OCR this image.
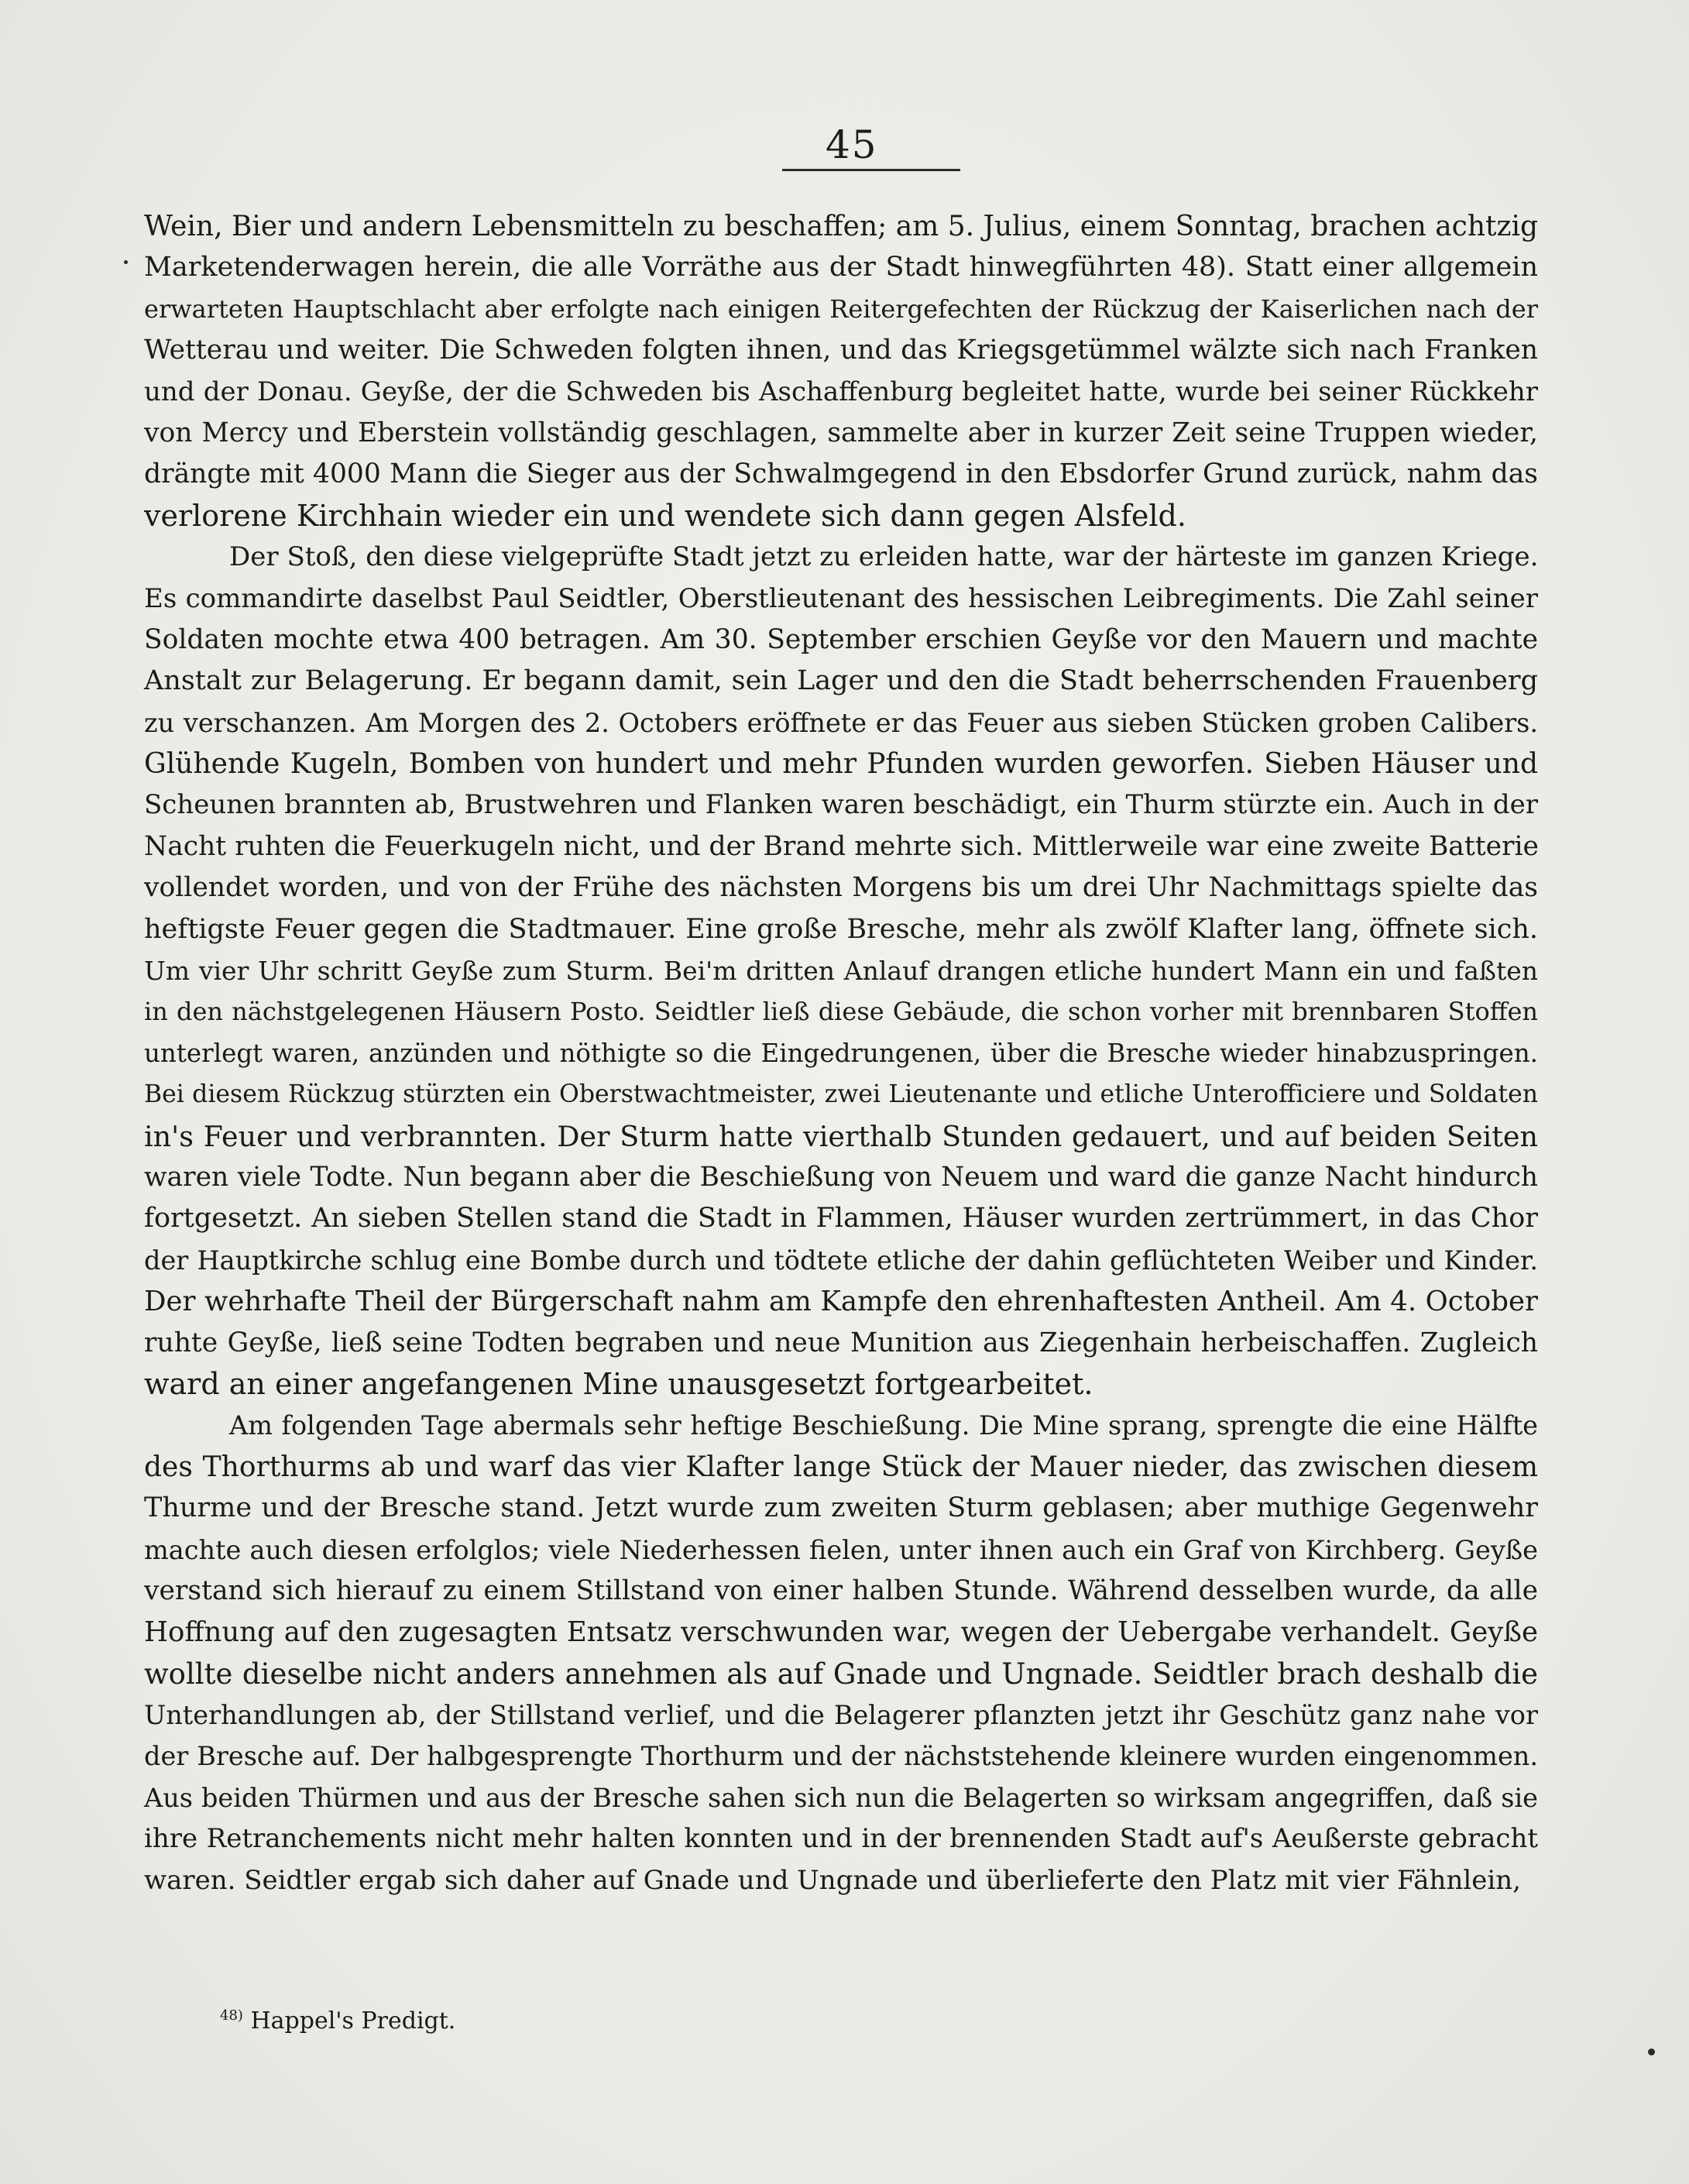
45
Wein, Bier und andern Lebensmitteln zu beschaffen; am 5. Julius, einem Sonntag, brachen achtzig
Marketenderwagen herein, die alle Vorräthe aus der Stadt hinwegführten 48). Statt einer allgemein
erwarteten Hauptschlacht aber erfolgte nach einigen Reitergefechten der Rückzug der Kaiserlichen nach der
Wetterau und weiter. Die Schweden folgten ihnen, und das Kriegsgetümmel wälzte sich nach Franken
und der Donau. Geyße, der die Schweden bis Aschaffenburg begleitet hatte, wurde bei seiner Rückkehr
von Mercy und Eberstein vollständig geschlagen, sammelte aber in kurzer Zeit seine Truppen wieder,
drängte mit 4000 Mann die Sieger aus der Schwalmgegend in den Ebsdorfer Grund zurück, nahm das
verlorene Kirchhain wieder ein und wendete sich dann gegen Alsfeld.
Der Stoß, den diese vielgeprüfte Stadt jetzt zu erleiden hatte, war der härteste im ganzen Kriege.
Es commandirte daselbst Paul Seidtler, Oberstlieutenant des hessischen Leibregiments. Die Zahl seiner
Soldaten mochte etwa 400 betragen. Am 30. September erschien Geyße vor den Mauern und machte
Anstalt zur Belagerung. Er begann damit, sein Lager und den die Stadt beherrschenden Frauenberg
zu verschanzen. Am Morgen des 2. Octobers eröffnete er das Feuer aus sieben Stücken groben Calibers.
Glühende Kugeln, Bomben von hundert und mehr Pfunden wurden geworfen. Sieben Häuser und
Scheunen brannten ab, Brustwehren und Flanken waren beschädigt, ein Thurm stürzte ein. Auch in der
Nacht ruhten die Feuerkugeln nicht, und der Brand mehrte sich. Mittlerweile war eine zweite Batterie
vollendet worden, und von der Frühe des nächsten Morgens bis um drei Uhr Nachmittags spielte das
heftigste Feuer gegen die Stadtmauer. Eine große Bresche, mehr als zwölf Klafter lang, öffnete sich.
Um vier Uhr schritt Geyße zum Sturm. Bei'm dritten Anlauf drangen etliche hundert Mann ein und faßten
in den nächstgelegenen Häusern Posto. Seidtler ließ diese Gebäude, die schon vorher mit brennbaren Stoffen
unterlegt waren, anzünden und nöthigte so die Eingedrungenen, über die Bresche wieder hinabzuspringen.
Bei diesem Rückzug stürzten ein Oberstwachtmeister, zwei Lieutenante und etliche Unterofficiere und Soldaten
in's Feuer und verbrannten. Der Sturm hatte vierthalb Stunden gedauert, und auf beiden Seiten
waren viele Todte. Nun begann aber die Beschießung von Neuem und ward die ganze Nacht hindurch
fortgesetzt. An sieben Stellen stand die Stadt in Flammen, Häuser wurden zertrümmert, in das Chor
der Hauptkirche schlug eine Bombe durch und tödtete etliche der dahin geflüchteten Weiber und Kinder.
Der wehrhafte Theil der Bürgerschaft nahm am Kampfe den ehrenhaftesten Antheil. Am 4. October
ruhte Geyße, ließ seine Todten begraben und neue Munition aus Ziegenhain herbeischaffen. Zugleich
ward an einer angefangenen Mine unausgesetzt fortgearbeitet.
Am folgenden Tage abermals sehr heftige Beschießung. Die Mine sprang, sprengte die eine Hälfte
des Thorthurms ab und warf das vier Klafter lange Stück der Mauer nieder, das zwischen diesem
Thurme und der Bresche stand. Jetzt wurde zum zweiten Sturm geblasen; aber muthige Gegenwehr
machte auch diesen erfolglos; viele Niederhessen fielen, unter ihnen auch ein Graf von Kirchberg. Geyße
verstand sich hierauf zu einem Stillstand von einer halben Stunde. Während desselben wurde, da alle
Hoffnung auf den zugesagten Entsatz verschwunden war, wegen der Uebergabe verhandelt. Geyße
wollte dieselbe nicht anders annehmen als auf Gnade und Ungnade. Seidtler brach deshalb die
Unterhandlungen ab, der Stillstand verlief, und die Belagerer pflanzten jetzt ihr Geschütz ganz nahe vor
der Bresche auf. Der halbgesprengte Thorthurm und der nächststehende kleinere wurden eingenommen.
Aus beiden Thürmen und aus der Bresche sahen sich nun die Belagerten so wirksam angegriffen, daß sie
ihre Retranchements nicht mehr halten konnten und in der brennenden Stadt auf's Aeußerste gebracht
waren. Seidtler ergab sich daher auf Gnade und Ungnade und überlieferte den Platz mit vier Fähnlein,
$^{48)}$ Happel's Predigt.
